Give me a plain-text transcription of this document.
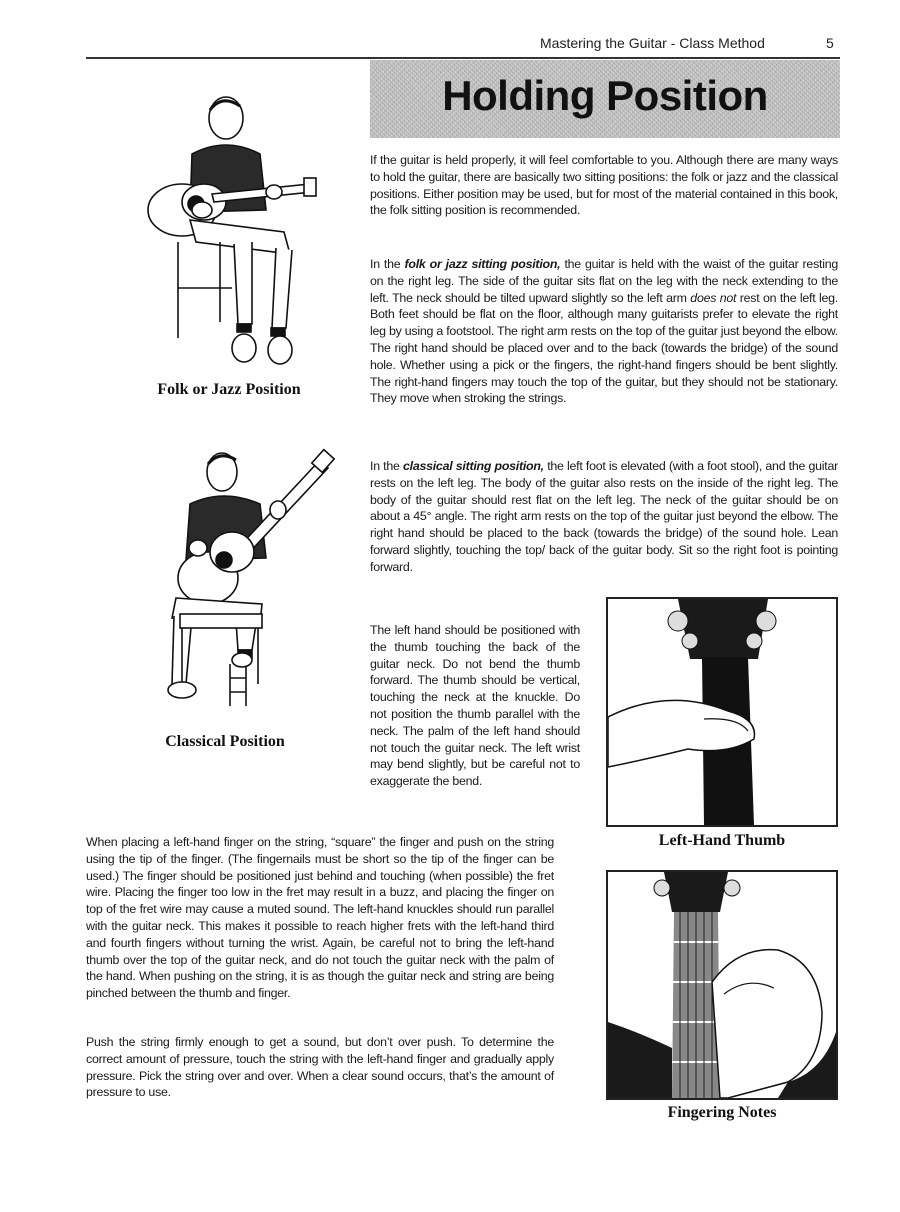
Mastering the Guitar - Class Method	5
Holding Position

If the guitar is held properly, it will feel comfortable to you. Although there are many ways to hold the guitar, there are basically two sitting positions: the folk or jazz and the classical positions. Either position may be used, but for most of the material contained in this book, the folk sitting position is recommended.

In the folk or jazz sitting position, the guitar is held with the waist of the guitar resting on the right leg. The side of the guitar sits flat on the leg with the neck extending to the left. The neck should be tilted upward slightly so the left arm does not rest on the left leg. Both feet should be flat on the floor, although many guitarists prefer to elevate the right leg by using a footstool. The right arm rests on the top of the guitar just beyond the elbow. The right hand should be placed over and to the back (towards the bridge) of the sound hole. Whether using a pick or the fingers, the right-hand fingers should be bent slightly. The right-hand fingers may touch the top of the guitar, but they should not be stationary. They move when stroking the strings.

In the classical sitting position, the left foot is elevated (with a foot stool), and the guitar rests on the left leg. The body of the guitar also rests on the inside of the right leg. The body of the guitar should rest flat on the left leg. The neck of the guitar should be on about a 45° angle. The right arm rests on the top of the guitar just beyond the elbow. The right hand should be placed to the back (towards the bridge) of the sound hole. Lean forward slightly, touching the top/ back of the guitar body. Sit so the right foot is pointing forward.

The left hand should be positioned with the thumb touching the back of the guitar neck. Do not bend the thumb forward. The thumb should be vertical, touching the neck at the knuckle. Do not position the thumb parallel with the neck. The palm of the left hand should not touch the guitar neck. The left wrist may bend slightly, but be careful not to exaggerate the bend.

When placing a left-hand finger on the string, “square” the finger and push on the string using the tip of the finger. (The fingernails must be short so the tip of the finger can be used.) The finger should be positioned just behind and touching (when possible) the fret wire. Placing the finger too low in the fret may result in a buzz, and placing the finger on top of the fret wire may cause a muted sound. The left-hand knuckles should run parallel with the guitar neck. This makes it possible to reach higher frets with the left-hand third and fourth fingers without turning the wrist. Again, be careful not to bring the left-hand thumb over the top of the guitar neck, and do not touch the guitar neck with the palm of the hand. When pushing on the string, it is as though the guitar neck and string are being pinched between the thumb and finger.

Push the string firmly enough to get a sound, but don’t over push. To determine the correct amount of pressure, touch the string with the left-hand finger and gradually apply pressure. Pick the string over and over. When a clear sound occurs, that’s the amount of pressure to use.

Folk or Jazz Position
Classical Position
Left-Hand Thumb
Fingering Notes
